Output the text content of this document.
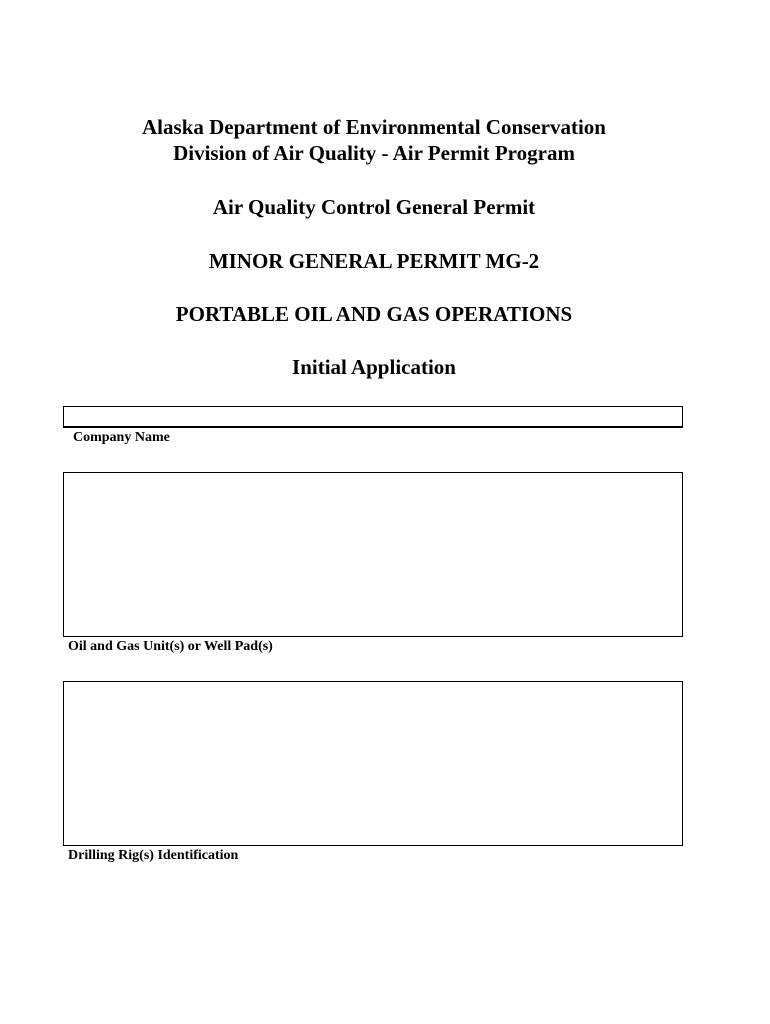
Alaska Department of Environmental Conservation
Division of Air Quality - Air Permit Program
Air Quality Control General Permit
MINOR GENERAL PERMIT MG-2
PORTABLE OIL AND GAS OPERATIONS
Initial Application
Company Name
Oil and Gas Unit(s) or Well Pad(s)
Drilling Rig(s) Identification
